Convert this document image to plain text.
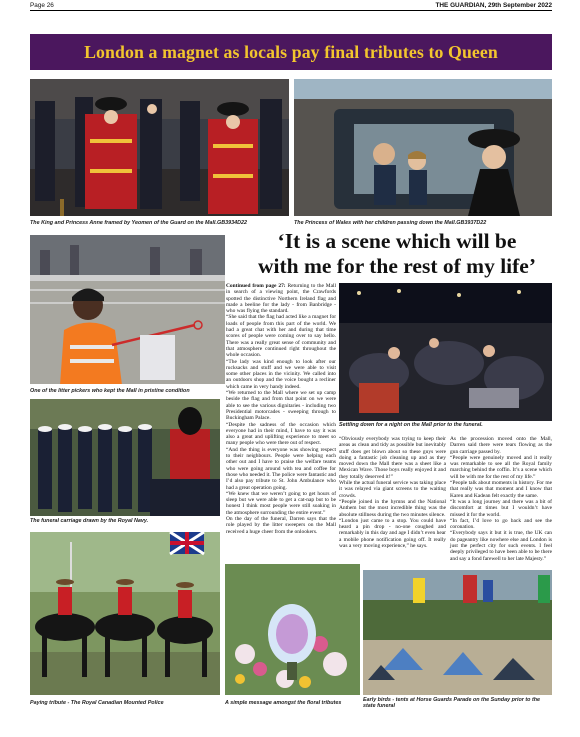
Page 26	THE GUARDIAN, 29th September 2022
London a magnet as locals pay final tributes to Queen
The King and Princess Anne framed by Yeomen of the Guard on the Mall.GB3934D22	The Princess of Wales with her children passing down the Mall.GB3937D22
One of the litter pickers who kept the Mall in pristine condition
The funeral carriage drawn by the Royal Navy.
Paying tribute - The Royal Canadian Mounted Police	A simple message amongst the floral tributes
Settling down for a night on the Mall prior to the funeral.
Early birds - tents at Horse Guards Parade on the Sunday prior to the state funeral
‘It is a scene which will be
with me for the rest of my life’

Continued from page 27: Returning to the Mall in search of a viewing point, the Crawfords spotted the distinctive Northern Ireland flag and made a beeline for the lady - from Banbridge - who was flying the standard.

“She said that the flag had acted like a magnet for loads of people from this part of the world. We had a great chat with her and during that time scores of people were coming over to say hello. There was a really great sense of community and that atmosphere continued right throughout the whole occasion.

“The lady was kind enough to look after our rucksacks and stuff and we were able to visit some other places in the vicinity. We called into an outdoors shop and the voice bought a recliner which came in very handy indeed.

“We returned to the Mall where we set up camp beside the flag and from that point on we were able to see the various dignitaries - including two Presidential motorcades - sweeping through to Buckingham Palace.

“Despite the sadness of the occasion which everyone had in their mind, I have to say it was also a great and uplifting experience to meet so many people who were there out of respect.

“And the thing is everyone was showing respect to their neighbours. People were helping each other out and I have to praise the welfare teams who were going around with tea and coffee for those who needed it. The police were fantastic and I’d also pay tribute to St. John Ambulance who had a great operation going.

“We knew that we weren’t going to get hours of sleep but we were able to get a cat-nap but to be honest I think most people were still soaking in the atmosphere surrounding the entire event.”

On the day of the funeral, Darren says that the role played by the litter sweepers on the Mall received a huge cheer from the onlookers.

“Obviously everybody was trying to keep their areas as clean and tidy as possible but inevitably stuff does get blown about so these guys were doing a fantastic job cleaning up and as they moved down the Mall there was a sheet like a Mexican Wave. Those boys really enjoyed it and they totally deserved it!”

While the actual funeral service was taking place it was relayed via giant screens to the waiting crowds.

“People joined in the hymns and the National Anthem but the most incredible thing was the absolute stillness during the two minutes silence.

“London just came to a stop. You could have heard a pin drop - no-one coughed and remarkably in this day and age I didn’t even hear a mobile phone notification going off. It really was a very moving experience,” he says.

As the procession moved onto the Mall, Darren said there were tears flowing as the gun carriage passed by.

“People were genuinely moved and it really was remarkable to see all the Royal family marching behind the coffin. It’s a scene which will be with me for the rest of my life.”

“People talk about moments in history. For me that really was that moment and I know that Karen and Kadean felt exactly the same.

“It was a long journey and there was a bit of discomfort at times but I wouldn’t have missed it for the world.

“In fact, I’d love to go back and see the coronation.

“Everybody says it but it is true, the UK can do pageantry like nowhere else and London is just the perfect city for such events. I feel deeply privileged to have been able to be there and say a fond farewell to her late Majesty.”
